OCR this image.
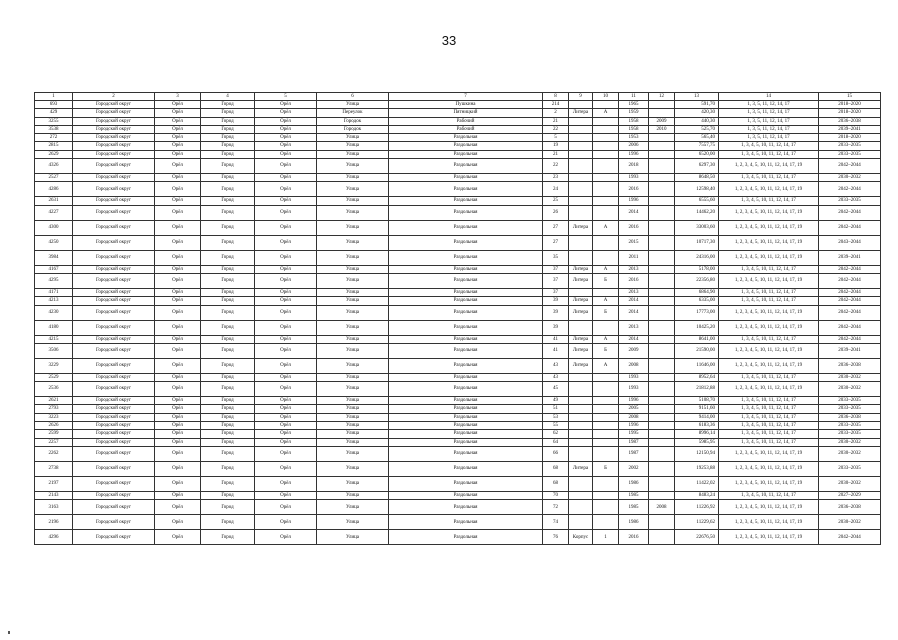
33
1	2	3	4	5	6	7	8	9	10	11	12	13	14	15
693	Городской округ	Орёл	Город	Орёл	Улица	Пушкина	214			1965		591,70	1, 3, 5, 11, 12, 14, 17	2018–2020
429	Городской округ	Орёл	Город	Орёл	Переулок	Пятницкий	2	Литера	А	1959		420,30	1, 3, 5, 11, 12, 14, 17	2018–2020
3255	Городской округ	Орёл	Город	Орёл	Городок	Рабочий	21			1958	2009	440,30	1, 3, 5, 11, 12, 14, 17	2036–2038
3538	Городской округ	Орёл	Город	Орёл	Городок	Рабочий	22			1958	2010	525,70	1, 3, 5, 11, 12, 14, 17	2039–2041
272	Городской округ	Орёл	Город	Орёл	Улица	Раздольная	5			1953		565,40	1, 3, 5, 11, 12, 14, 17	2018–2020
2815	Городской округ	Орёл	Город	Орёл	Улица	Раздольная	19			2006		7557,75	1, 3, 4, 5, 10, 11, 12, 14, 17	2033–2035
2629	Городской округ	Орёл	Город	Орёл	Улица	Раздольная	21			1996		6520,00	1, 3, 4, 5, 10, 11, 12, 14, 17	2033–2035
4326	Городской округ	Орёл	Город	Орёл	Улица	Раздольная	22			2018		6297,30	1, 2, 3, 4, 5, 10, 11, 12, 14, 17, 19	2042–2044
2527	Городской округ	Орёл	Город	Орёл	Улица	Раздольная	23			1993		8648,50	1, 3, 4, 5, 10, 11, 12, 14, 17	2030–2032
4286	Городской округ	Орёл	Город	Орёл	Улица	Раздольная	24			2016		12598,40	1, 2, 3, 4, 5, 10, 11, 12, 14, 17, 19	2042–2044
2631	Городской округ	Орёл	Город	Орёл	Улица	Раздольная	25			1996		6555,60	1, 3, 4, 5, 10, 11, 12, 14, 17	2033–2035
4227	Городской округ	Орёл	Город	Орёл	Улица	Раздольная	26			2014		14462,20	1, 2, 3, 4, 5, 10, 11, 12, 14, 17, 19	2042–2044
4300	Городской округ	Орёл	Город	Орёл	Улица	Раздольная	27	Литера	А	2016		33003,60	1, 2, 3, 4, 5, 10, 11, 12, 14, 17, 19	2042–2044
4250	Городской округ	Орёл	Город	Орёл	Улица	Раздольная	27			2015		10717,30	1, 2, 3, 4, 5, 10, 11, 12, 14, 17, 19	2043–2044
3984	Городской округ	Орёл	Город	Орёл	Улица	Раздольная	35			2011		24316,00	1, 2, 3, 4, 5, 10, 11, 12, 14, 17, 19	2039–2041
4167	Городской округ	Орёл	Город	Орёл	Улица	Раздольная	37	Литера	А	2013		5178,00	1, 3, 4, 5, 10, 11, 12, 14, 17	2042–2044
4295	Городской округ	Орёл	Город	Орёл	Улица	Раздольная	37	Литера	Б	2016		22356,80	1, 2, 3, 4, 5, 10, 11, 12, 14, 17, 19	2042–2044
4171	Городской округ	Орёл	Город	Орёл	Улица	Раздольная	37			2013		6864,90	1, 3, 4, 5, 10, 11, 12, 14, 17	2042–2044
4213	Городской округ	Орёл	Город	Орёл	Улица	Раздольная	39	Литера	А	2014		6335,00	1, 3, 4, 5, 10, 11, 12, 14, 17	2042–2044
4230	Городской округ	Орёл	Город	Орёл	Улица	Раздольная	39	Литера	Б	2014		17773,00	1, 2, 3, 4, 5, 10, 11, 12, 14, 17, 19	2042–2044
4180	Городской округ	Орёл	Город	Орёл	Улица	Раздольная	39			2013		10425,20	1, 2, 3, 4, 5, 10, 11, 12, 14, 17, 19	2042–2044
4215	Городской округ	Орёл	Город	Орёл	Улица	Раздольная	41	Литера	А	2014		8641,00	1, 3, 4, 5, 10, 11, 12, 14, 17	2042–2044
3506	Городской округ	Орёл	Город	Орёл	Улица	Раздольная	41	Литера	Б	2009		21590,00	1, 2, 3, 4, 5, 10, 11, 12, 14, 17, 19	2039–2041
3229	Городской округ	Орёл	Город	Орёл	Улица	Раздольная	43	Литера	А	2008		11646,00	1, 2, 3, 4, 5, 10, 11, 12, 14, 17, 19	2036–2038
2529	Городской округ	Орёл	Город	Орёл	Улица	Раздольная	43			1993		8952,64	1, 3, 4, 5, 10, 11, 12, 14, 17	2030–2032
2536	Городской округ	Орёл	Город	Орёл	Улица	Раздольная	45			1993		21812,88	1, 2, 3, 4, 5, 10, 11, 12, 14, 17, 19	2030–2032
2621	Городской округ	Орёл	Город	Орёл	Улица	Раздольная	49			1996		5108,70	1, 3, 4, 5, 10, 11, 12, 14, 17	2033–2035
2793	Городской округ	Орёл	Город	Орёл	Улица	Раздольная	51			2005		9151,60	1, 3, 4, 5, 10, 11, 12, 14, 17	2033–2035
3223	Городской округ	Орёл	Город	Орёл	Улица	Раздольная	53			2008		9414,00	1, 3, 4, 5, 10, 11, 12, 14, 17	2036–2038
2626	Городской округ	Орёл	Город	Орёл	Улица	Раздольная	55			1996		6183,36	1, 3, 4, 5, 10, 11, 12, 14, 17	2033–2035
2599	Городской округ	Орёл	Город	Орёл	Улица	Раздольная	62			1995		8996,14	1, 3, 4, 5, 10, 11, 12, 14, 17	2033–2035
2257	Городской округ	Орёл	Город	Орёл	Улица	Раздольная	64			1987		5985,95	1, 3, 4, 5, 10, 11, 12, 14, 17	2030–2032
2262	Городской округ	Орёл	Город	Орёл	Улица	Раздольная	66			1987		12150,94	1, 2, 3, 4, 5, 10, 11, 12, 14, 17, 19	2030–2032
2738	Городской округ	Орёл	Город	Орёл	Улица	Раздольная	68	Литера	Б	2002		19253,88	1, 2, 3, 4, 5, 10, 11, 12, 14, 17, 19	2033–2035
2197	Городской округ	Орёл	Город	Орёл	Улица	Раздольная	68			1986		11422,02	1, 2, 3, 4, 5, 10, 11, 12, 14, 17, 19	2030–2032
2143	Городской округ	Орёл	Город	Орёл	Улица	Раздольная	70			1985		8483,24	1, 3, 4, 5, 10, 11, 12, 14, 17	2027–2029
3163	Городской округ	Орёл	Город	Орёл	Улица	Раздольная	72			1985	2008	11226,92	1, 2, 3, 4, 5, 10, 11, 12, 14, 17, 19	2036–2038
2196	Городской округ	Орёл	Город	Орёл	Улица	Раздольная	74			1986		11229,62	1, 2, 3, 4, 5, 10, 11, 12, 14, 17, 19	2030–2032
4296	Городской округ	Орёл	Город	Орёл	Улица	Раздольная	76	Корпус	1	2016		22676,50	1, 2, 3, 4, 5, 10, 11, 12, 14, 17, 19	2042–2044
